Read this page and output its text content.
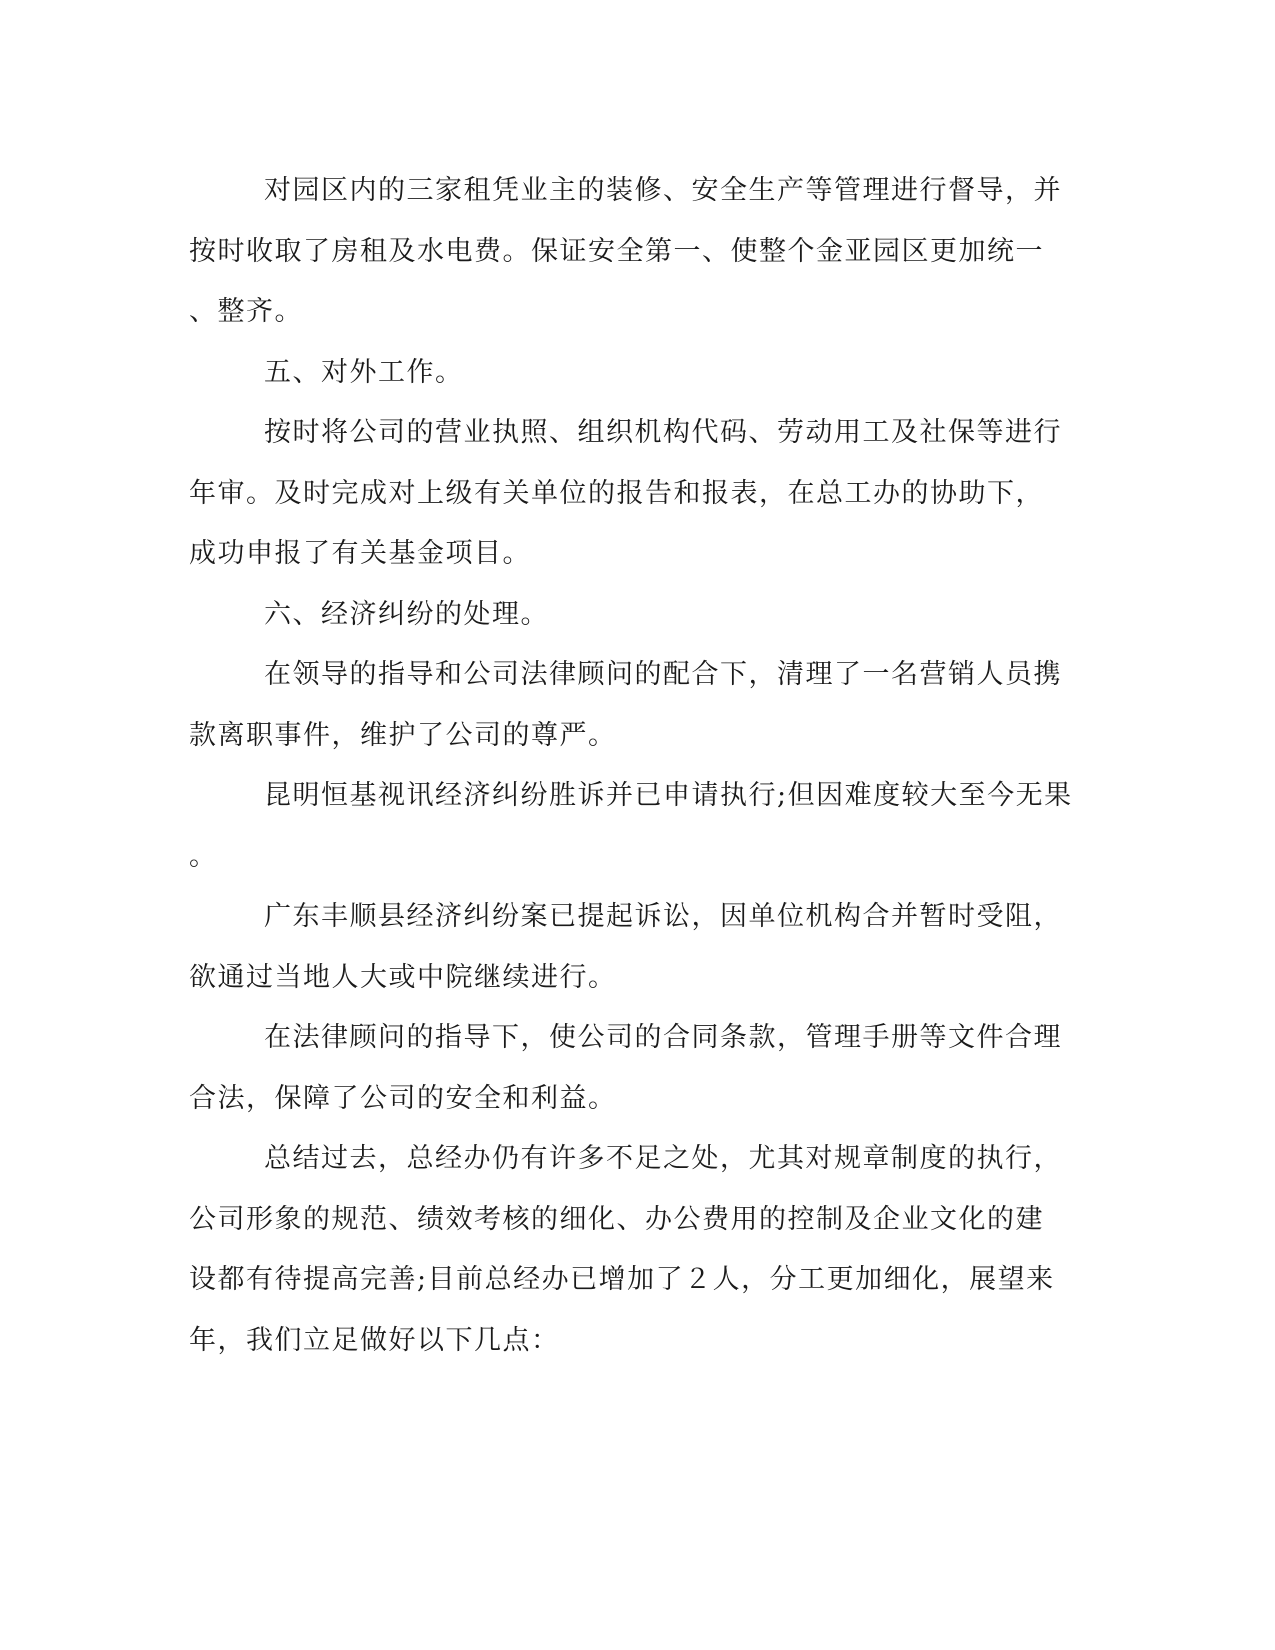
对园区内的三家租凭业主的装修、安全生产等管理进行督导，并
按时收取了房租及水电费。保证安全第一、使整个金亚园区更加统一
、整齐。
五、对外工作。
按时将公司的营业执照、组织机构代码、劳动用工及社保等进行
年审。及时完成对上级有关单位的报告和报表，在总工办的协助下，
成功申报了有关基金项目。
六、经济纠纷的处理。
在领导的指导和公司法律顾问的配合下，清理了一名营销人员携
款离职事件，维护了公司的尊严。
昆明恒基视讯经济纠纷胜诉并已申请执行;但因难度较大至今无果
。
广东丰顺县经济纠纷案已提起诉讼，因单位机构合并暂时受阻，
欲通过当地人大或中院继续进行。
在法律顾问的指导下，使公司的合同条款，管理手册等文件合理
合法，保障了公司的安全和利益。
总结过去，总经办仍有许多不足之处，尤其对规章制度的执行，
公司形象的规范、绩效考核的细化、办公费用的控制及企业文化的建
设都有待提高完善;目前总经办已增加了２人，分工更加细化，展望来
年，我们立足做好以下几点：
